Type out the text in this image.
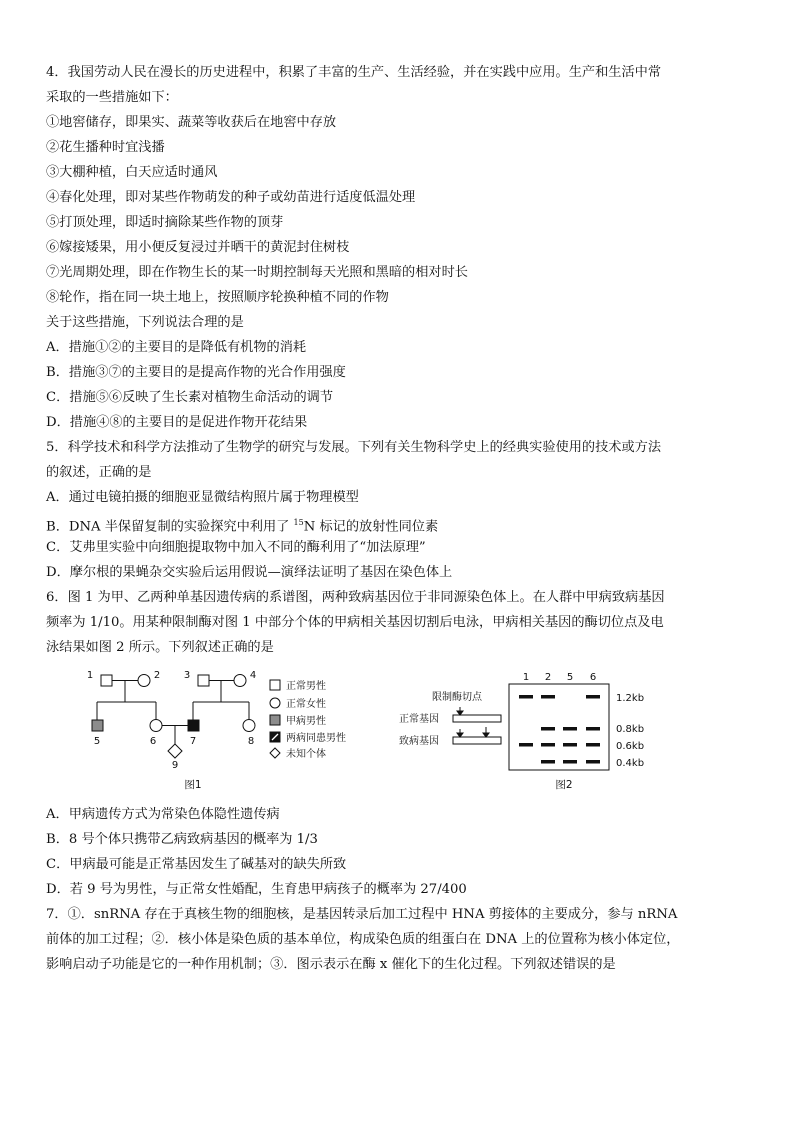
4．我国劳动人民在漫长的历史进程中，积累了丰富的生产、生活经验，并在实践中应用。生产和生活中常
采取的一些措施如下：
①地窖储存，即果实、蔬菜等收获后在地窖中存放
②花生播种时宜浅播
③大棚种植，白天应适时通风
④春化处理，即对某些作物萌发的种子或幼苗进行适度低温处理
⑤打顶处理，即适时摘除某些作物的顶芽
⑥嫁接矮果，用小便反复浸过并晒干的黄泥封住树枝
⑦光周期处理，即在作物生长的某一时期控制每天光照和黑暗的相对时长
⑧轮作，指在同一块土地上，按照顺序轮换种植不同的作物
关于这些措施，下列说法合理的是
A．措施①②的主要目的是降低有机物的消耗
B．措施③⑦的主要目的是提高作物的光合作用强度
C．措施⑤⑥反映了生长素对植物生命活动的调节
D．措施④⑧的主要目的是促进作物开花结果
5．科学技术和科学方法推动了生物学的研究与发展。下列有关生物科学史上的经典实验使用的技术或方法
的叙述，正确的是
A．通过电镜拍摄的细胞亚显微结构照片属于物理模型
B．DNA 半保留复制的实验探究中利用了 $^{15}$N 标记的放射性同位素
C．艾弗里实验中向细胞提取物中加入不同的酶利用了“加法原理”
D．摩尔根的果蝇杂交实验后运用假说—演绎法证明了基因在染色体上
6．图 1 为甲、乙两种单基因遗传病的系谱图，两种致病基因位于非同源染色体上。在人群中甲病致病基因
频率为 1/10。用某种限制酶对图 1 中部分个体的甲病相关基因切割后电泳，甲病相关基因的酶切位点及电
泳结果如图 2 所示。下列叙述正确的是
1	2 3	4
5	6	7	8
9
图1
正常男性
正常女性
甲病男性
两病同患男性
未知个体
限制酶切点
正常基因
致病基因
1 2 5 6
1.2kb
0.8kb
0.6kb
0.4kb
图2
A．甲病遗传方式为常染色体隐性遗传病
B．8 号个体只携带乙病致病基因的概率为 1/3
C．甲病最可能是正常基因发生了碱基对的缺失所致
D．若 9 号为男性，与正常女性婚配，生育患甲病孩子的概率为 27/400
7．①．snRNA 存在于真核生物的细胞核，是基因转录后加工过程中 HNA 剪接体的主要成分，参与 nRNA
前体的加工过程；②．核小体是染色质的基本单位，构成染色质的组蛋白在 DNA 上的位置称为核小体定位，
影响启动子功能是它的一种作用机制；③．图示表示在酶 x 催化下的生化过程。下列叙述错误的是
